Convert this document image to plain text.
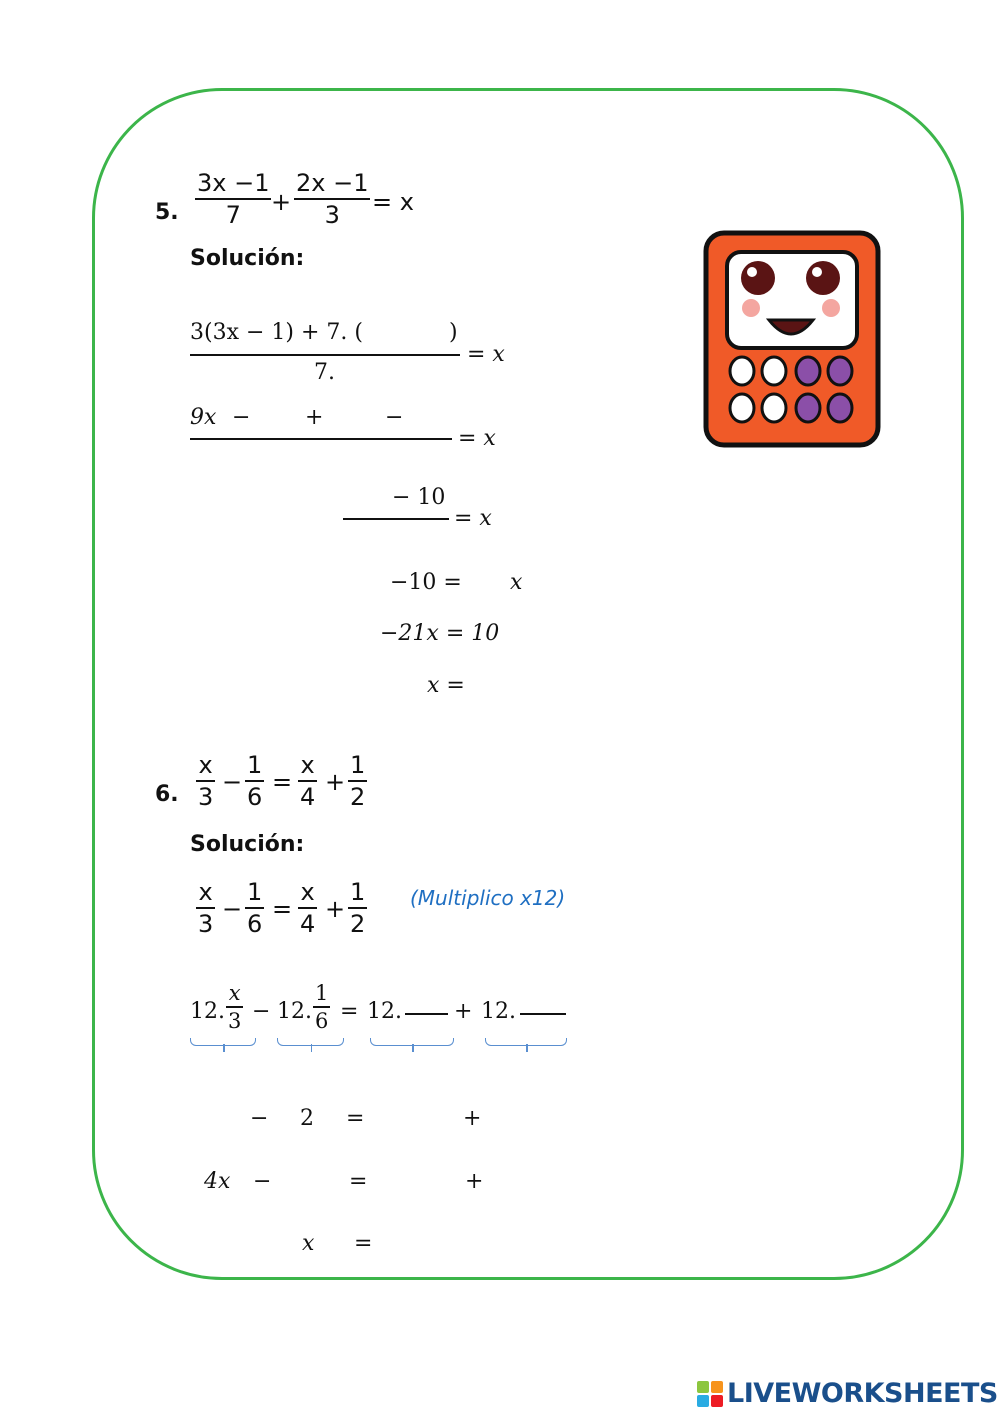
5.
3x −1
7 +
2x −1
3 = x
Solución:
3(3x − 1) + 7. (	)
7.
= x
9x − +	−
= x
− 10
= x
−10 = x
−21x = 10
x =
6.
x
3
−
1
6
=
x
4
+
1
2
Solución:
x
3
−
1
6
=
x
4
+
1
2
(Multiplico x12)
12.
x
3 − 12.
1
6 = 12. + 12.
− 2 =	+
4x −	=	+
x =
LIVEWORKSHEETS
